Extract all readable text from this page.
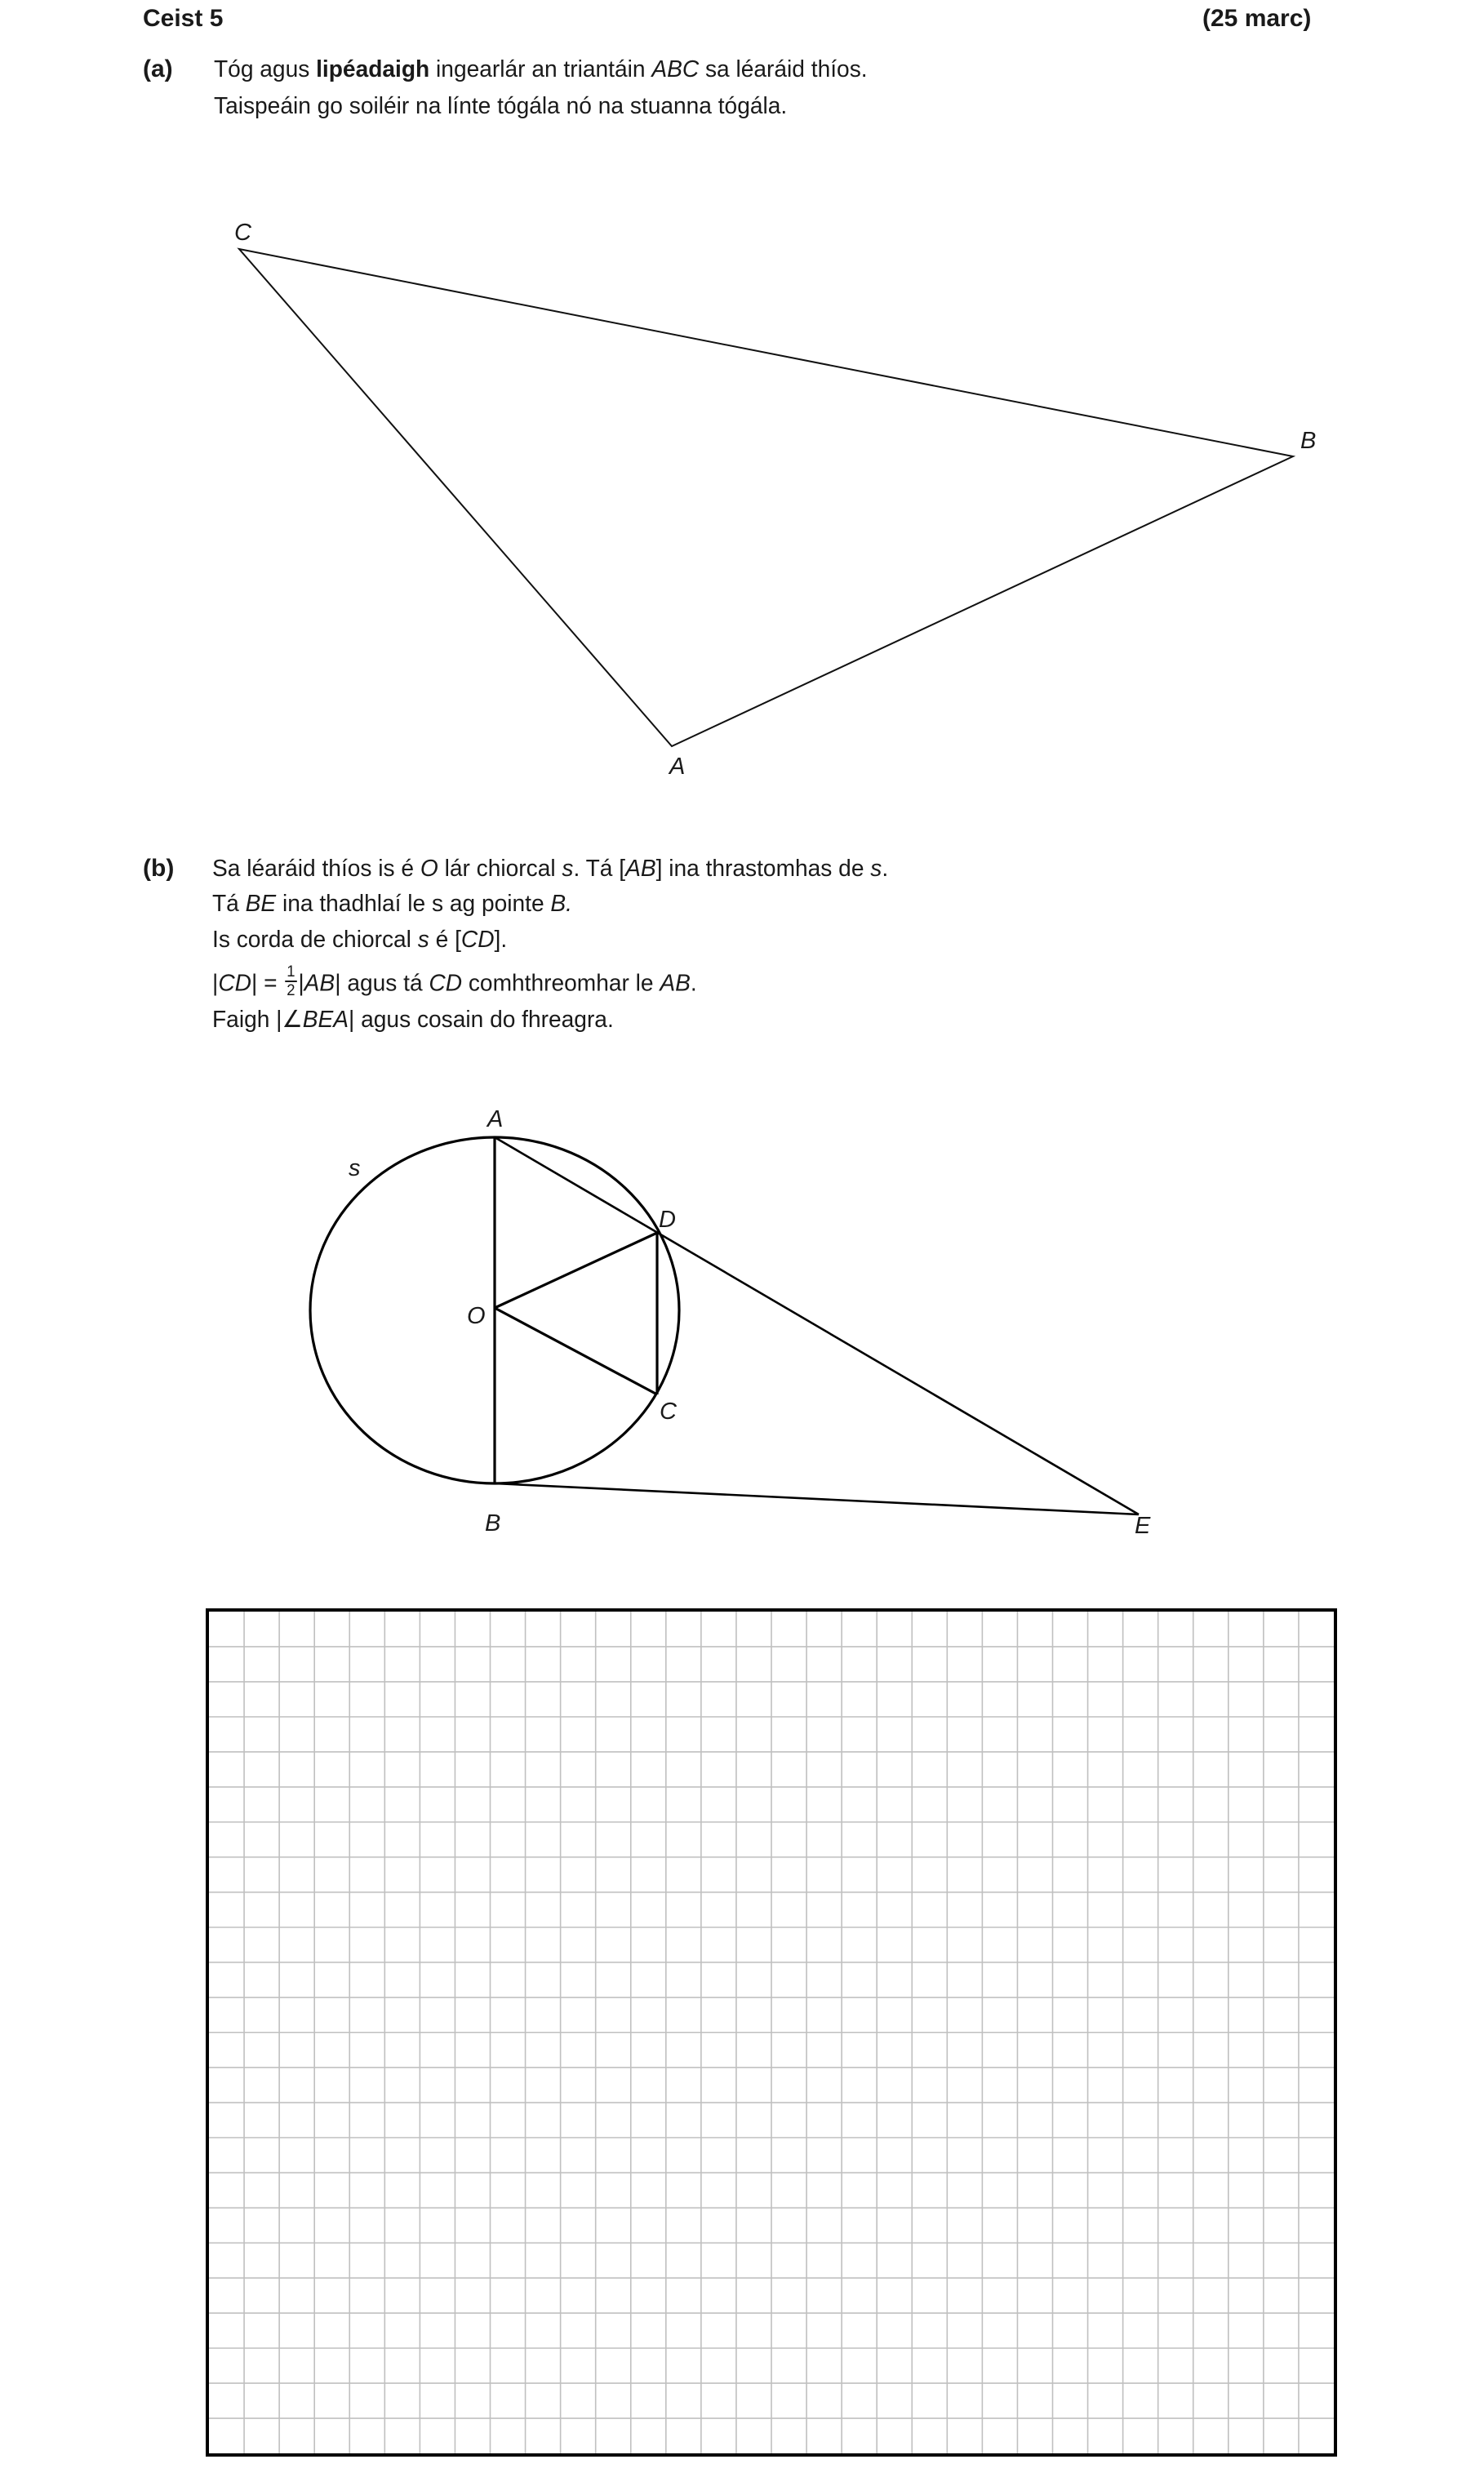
Ceist 5	(25 marc)
(a) Tóg agus lipéadaigh ingearlár an triantáin ABC sa léaráid thíos.
Taispeáin go soiléir na línte tógála nó na stuanna tógála.
(b) Sa léaráid thíos is é O lár chiorcal s. Tá [AB] ina thrastomhas de s.
Tá BE ina thadhlaí le s ag pointe B.
Is corda de chiorcal s é [CD].
$|CD| = \frac{1}{2} |AB|$ agus tá CD comhthreomhar le AB.
Faigh |∠BEA| agus cosain do fhreagra.
C
B
A
s
A
D
O
C
B	E
